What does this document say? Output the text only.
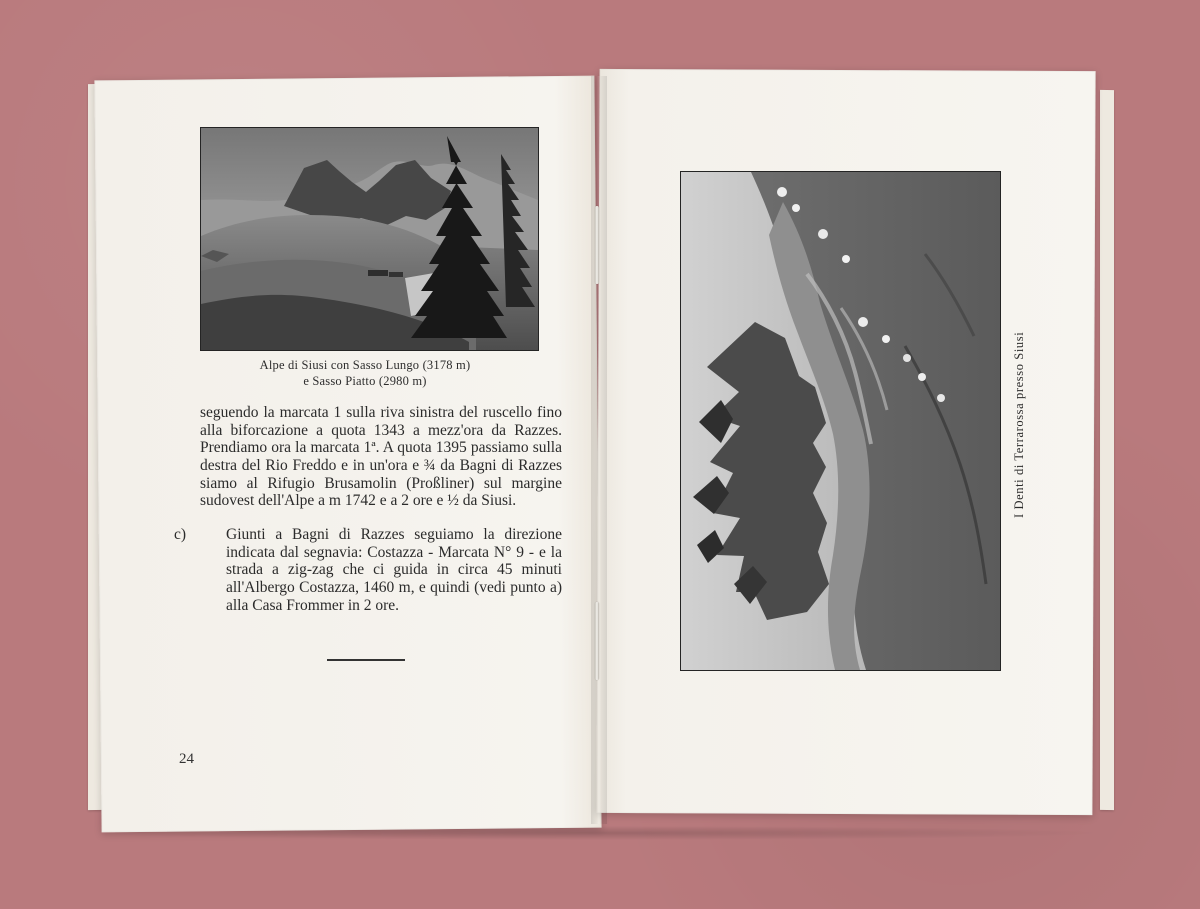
Alpe di Siusi con Sasso Lungo (3178 m)
e Sasso Piatto (2980 m)

seguendo la marcata 1 sulla riva sinistra del ruscello fino alla biforcazione a quota 1343 a mezz'ora da Razzes. Prendiamo ora la marcata 1ª. A quota 1395 passiamo sulla destra del Rio Freddo e in un'ora e ¾ da Bagni di Razzes siamo al Rifugio Brusamolin (Proßliner) sul margine sudovest dell'Alpe a m 1742 e a 2 ore e ½ da Siusi.

c)	Giunti a Bagni di Razzes seguiamo la direzione indicata dal segnavia: Costazza - Marcata N° 9 - e la strada a zig-zag che ci guida in circa 45 minuti all'Albergo Costazza, 1460 m, e quindi (vedi punto a) alla Casa Frommer in 2 ore.

24
I Denti di Terrarossa presso Siusi
